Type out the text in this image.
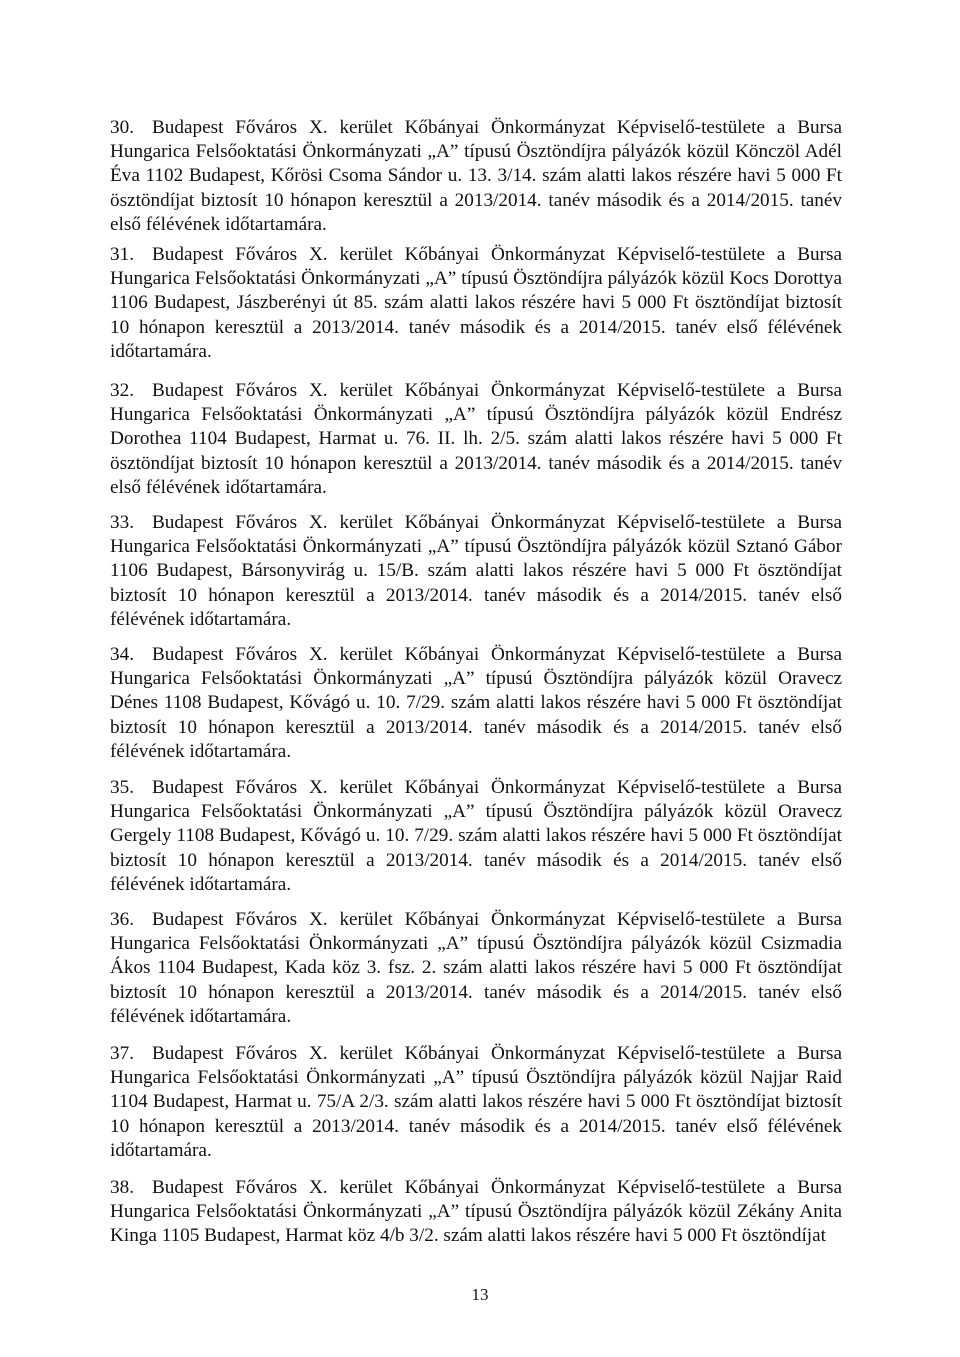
30. Budapest Főváros X. kerület Kőbányai Önkormányzat Képviselő-testülete a Bursa Hungarica Felsőoktatási Önkormányzati „A” típusú Ösztöndíjra pályázók közül Könczöl Adél Éva 1102 Budapest, Kőrösi Csoma Sándor u. 13. 3/14. szám alatti lakos részére havi 5 000 Ft ösztöndíjat biztosít 10 hónapon keresztül a 2013/2014. tanév második és a 2014/2015. tanév első félévének időtartamára.
31. Budapest Főváros X. kerület Kőbányai Önkormányzat Képviselő-testülete a Bursa Hungarica Felsőoktatási Önkormányzati „A” típusú Ösztöndíjra pályázók közül Kocs Dorottya 1106 Budapest, Jászberényi út 85. szám alatti lakos részére havi 5 000 Ft ösztöndíjat biztosít 10 hónapon keresztül a 2013/2014. tanév második és a 2014/2015. tanév első félévének időtartamára.
32. Budapest Főváros X. kerület Kőbányai Önkormányzat Képviselő-testülete a Bursa Hungarica Felsőoktatási Önkormányzati „A” típusú Ösztöndíjra pályázók közül Endrész Dorothea 1104 Budapest, Harmat u. 76. II. lh. 2/5. szám alatti lakos részére havi 5 000 Ft ösztöndíjat biztosít 10 hónapon keresztül a 2013/2014. tanév második és a 2014/2015. tanév első félévének időtartamára.
33. Budapest Főváros X. kerület Kőbányai Önkormányzat Képviselő-testülete a Bursa Hungarica Felsőoktatási Önkormányzati „A” típusú Ösztöndíjra pályázók közül Sztanó Gábor 1106 Budapest, Bársonyvirág u. 15/B. szám alatti lakos részére havi 5 000 Ft ösztöndíjat biztosít 10 hónapon keresztül a 2013/2014. tanév második és a 2014/2015. tanév első félévének időtartamára.
34. Budapest Főváros X. kerület Kőbányai Önkormányzat Képviselő-testülete a Bursa Hungarica Felsőoktatási Önkormányzati „A” típusú Ösztöndíjra pályázók közül Oravecz Dénes 1108 Budapest, Kővágó u. 10. 7/29. szám alatti lakos részére havi 5 000 Ft ösztöndíjat biztosít 10 hónapon keresztül a 2013/2014. tanév második és a 2014/2015. tanév első félévének időtartamára.
35. Budapest Főváros X. kerület Kőbányai Önkormányzat Képviselő-testülete a Bursa Hungarica Felsőoktatási Önkormányzati „A” típusú Ösztöndíjra pályázók közül Oravecz Gergely 1108 Budapest, Kővágó u. 10. 7/29. szám alatti lakos részére havi 5 000 Ft ösztöndíjat biztosít 10 hónapon keresztül a 2013/2014. tanév második és a 2014/2015. tanév első félévének időtartamára.
36. Budapest Főváros X. kerület Kőbányai Önkormányzat Képviselő-testülete a Bursa Hungarica Felsőoktatási Önkormányzati „A” típusú Ösztöndíjra pályázók közül Csizmadia Ákos 1104 Budapest, Kada köz 3. fsz. 2. szám alatti lakos részére havi 5 000 Ft ösztöndíjat biztosít 10 hónapon keresztül a 2013/2014. tanév második és a 2014/2015. tanév első félévének időtartamára.
37. Budapest Főváros X. kerület Kőbányai Önkormányzat Képviselő-testülete a Bursa Hungarica Felsőoktatási Önkormányzati „A” típusú Ösztöndíjra pályázók közül Najjar Raid 1104 Budapest, Harmat u. 75/A 2/3. szám alatti lakos részére havi 5 000 Ft ösztöndíjat biztosít 10 hónapon keresztül a 2013/2014. tanév második és a 2014/2015. tanév első félévének időtartamára.
38. Budapest Főváros X. kerület Kőbányai Önkormányzat Képviselő-testülete a Bursa Hungarica Felsőoktatási Önkormányzati „A” típusú Ösztöndíjra pályázók közül Zékány Anita Kinga 1105 Budapest, Harmat köz 4/b 3/2. szám alatti lakos részére havi 5 000 Ft ösztöndíjat
13
